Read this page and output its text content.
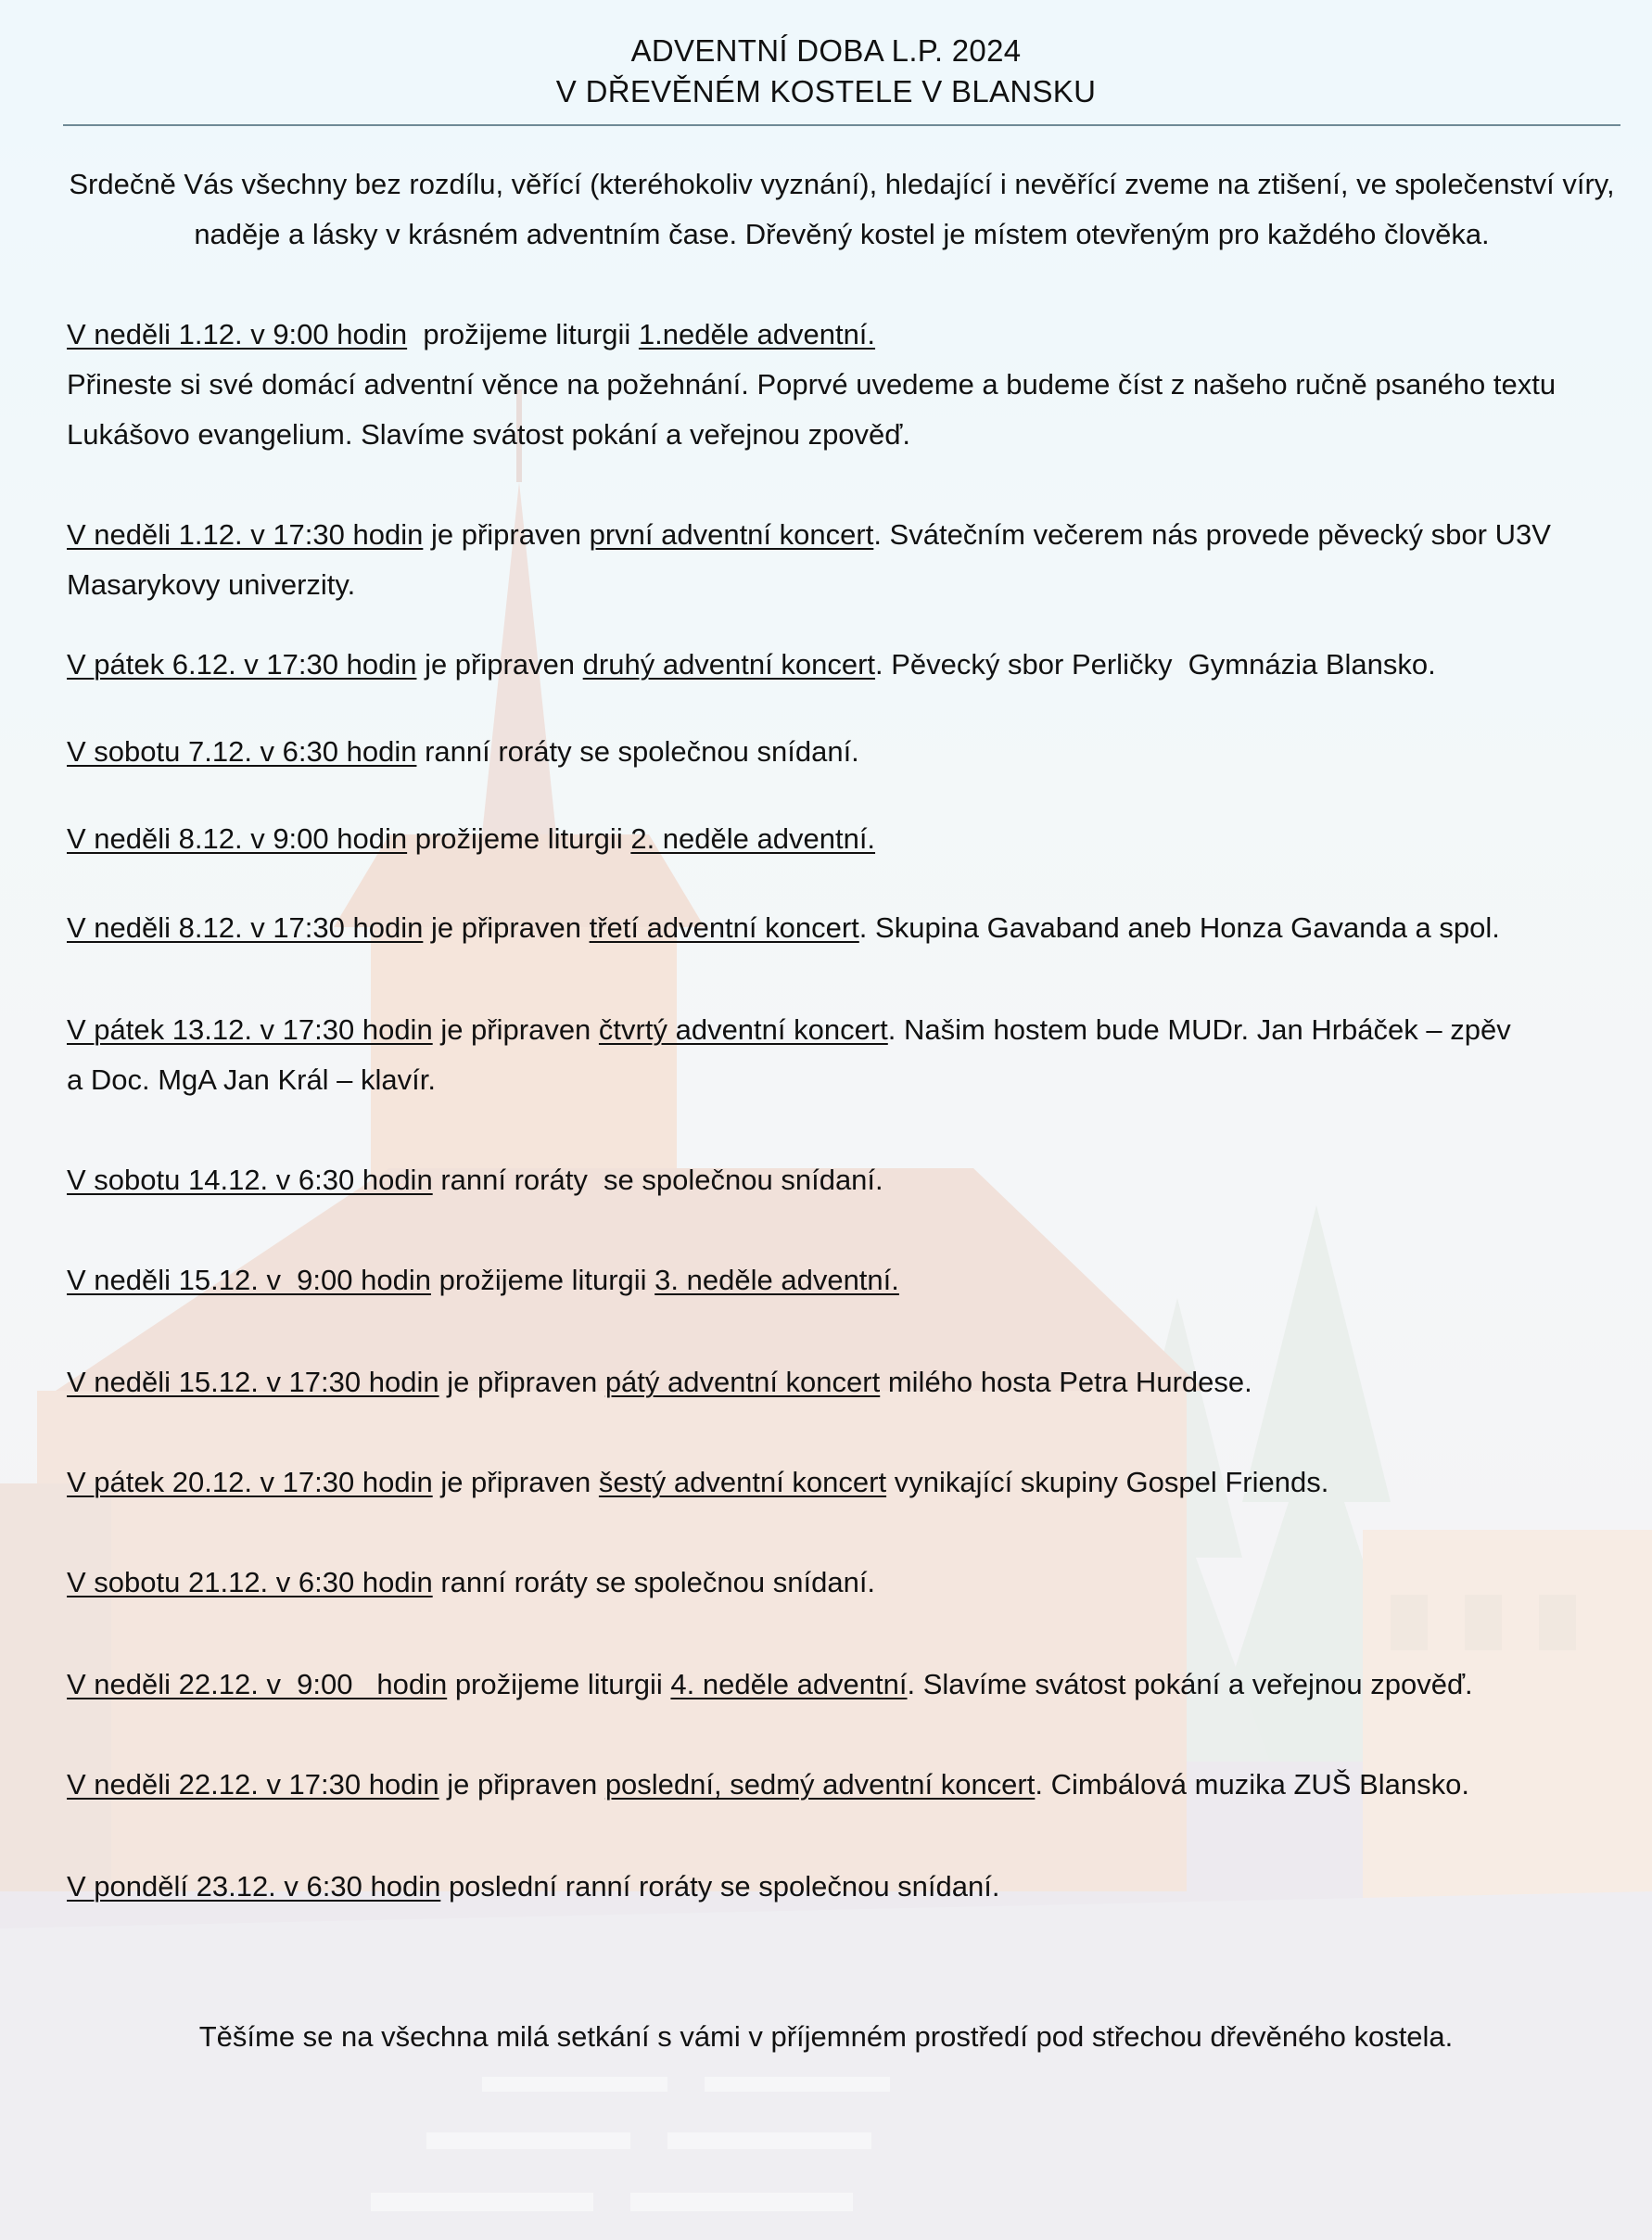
ADVENTNÍ DOBA L.P. 2024
V DŘEVĚNÉM KOSTELE V BLANSKU
Srdečně Vás všechny bez rozdílu, věřící (kteréhokoliv vyznání), hledající i nevěřící zveme na ztišení, ve společenství víry,
naděje a lásky v krásném adventním čase. Dřevěný kostel je místem otevřeným pro každého člověka.
V neděli 1.12. v 9:00 hodin  prožijeme liturgii 1.neděle adventní.
Přineste si své domácí adventní věnce na požehnání. Poprvé uvedeme a budeme číst z našeho ručně psaného textu
Lukášovo evangelium. Slavíme svátost pokání a veřejnou zpověď.
V neděli 1.12. v 17:30 hodin je připraven první adventní koncert. Svátečním večerem nás provede pěvecký sbor U3V
Masarykovy univerzity.
V pátek 6.12. v 17:30 hodin je připraven druhý adventní koncert. Pěvecký sbor Perličky  Gymnázia Blansko.
V sobotu 7.12. v 6:30 hodin ranní roráty se společnou snídaní.
V neděli 8.12. v 9:00 hodin prožijeme liturgii 2. neděle adventní.
V neděli 8.12. v 17:30 hodin je připraven třetí adventní koncert. Skupina Gavaband aneb Honza Gavanda a spol.
V pátek 13.12. v 17:30 hodin je připraven čtvrtý adventní koncert. Našim hostem bude MUDr. Jan Hrbáček – zpěv
a Doc. MgA Jan Král – klavír.
V sobotu 14.12. v 6:30 hodin ranní roráty  se společnou snídaní.
V neděli 15.12. v  9:00 hodin prožijeme liturgii 3. neděle adventní.
V neděli 15.12. v 17:30 hodin je připraven pátý adventní koncert milého hosta Petra Hurdese.
V pátek 20.12. v 17:30 hodin je připraven šestý adventní koncert vynikající skupiny Gospel Friends.
V sobotu 21.12. v 6:30 hodin ranní roráty se společnou snídaní.
V neděli 22.12. v  9:00   hodin prožijeme liturgii 4. neděle adventní. Slavíme svátost pokání a veřejnou zpověď.
V neděli 22.12. v 17:30 hodin je připraven poslední, sedmý adventní koncert. Cimbálová muzika ZUŠ Blansko.
V pondělí 23.12. v 6:30 hodin poslední ranní roráty se společnou snídaní.
Těšíme se na všechna milá setkání s vámi v příjemném prostředí pod střechou dřevěného kostela.
